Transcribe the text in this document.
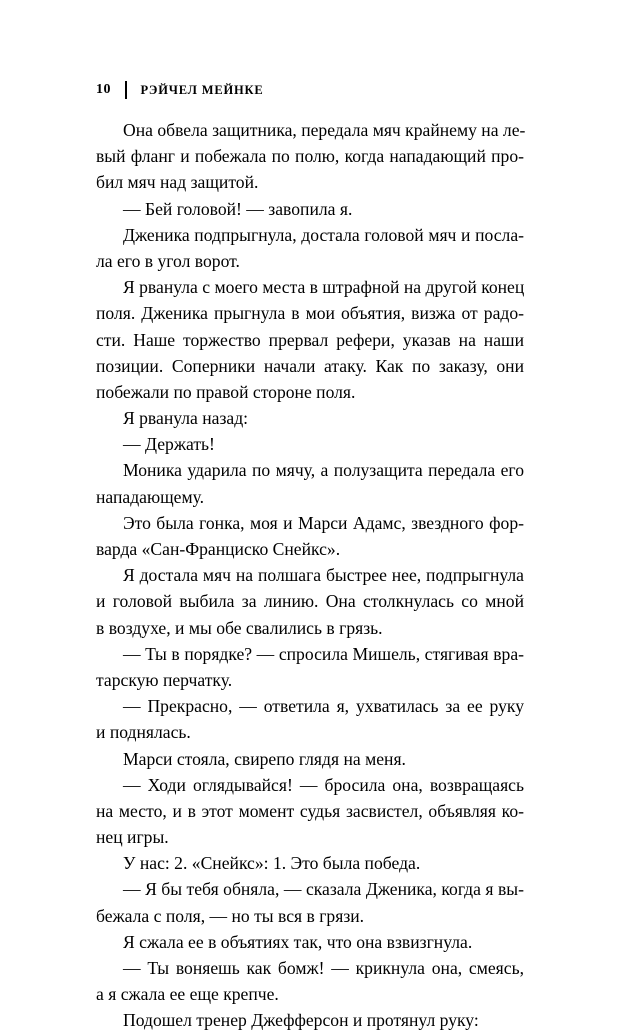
10 РЭЙЧЕЛ МЕЙНКЕ
Она обвела защитника, передала мяч крайнему на ле-
вый фланг и побежала по полю, когда нападающий про-
бил мяч над защитой.
— Бей головой! — завопила я.
Дженика подпрыгнула, достала головой мяч и посла-
ла его в угол ворот.
Я рванула с моего места в штрафной на другой конец
поля. Дженика прыгнула в мои объятия, визжа от радо-
сти. Наше торжество прервал рефери, указав на наши
позиции. Соперники начали атаку. Как по заказу, они
побежали по правой стороне поля.
Я рванула назад:
— Держать!
Моника ударила по мячу, а полузащита передала его
нападающему.
Это была гонка, моя и Марси Адамс, звездного фор-
варда «Сан-Франциско Снейкс».
Я достала мяч на полшага быстрее нее, подпрыгнула
и головой выбила за линию. Она столкнулась со мной
в воздухе, и мы обе свалились в грязь.
— Ты в порядке? — спросила Мишель, стягивая врa-
тарскую перчатку.
— Прекрасно, — ответила я, ухватилась за ее руку
и поднялась.
Марси стояла, свирепо глядя на меня.
— Ходи оглядывайся! — бросила она, возвращаясь
на место, и в этот момент судья засвистел, объявляя ко-
нец игры.
У нас: 2. «Снейкс»: 1. Это была победа.
— Я бы тебя обняла, — сказала Дженика, когда я вы-
бежала с поля, — но ты вся в грязи.
Я сжала ее в объятиях так, что она взвизгнула.
— Ты воняешь как бомж! — крикнула она, смеясь,
а я сжала ее еще крепче.
Подошел тренер Джефферсон и протянул руку:
